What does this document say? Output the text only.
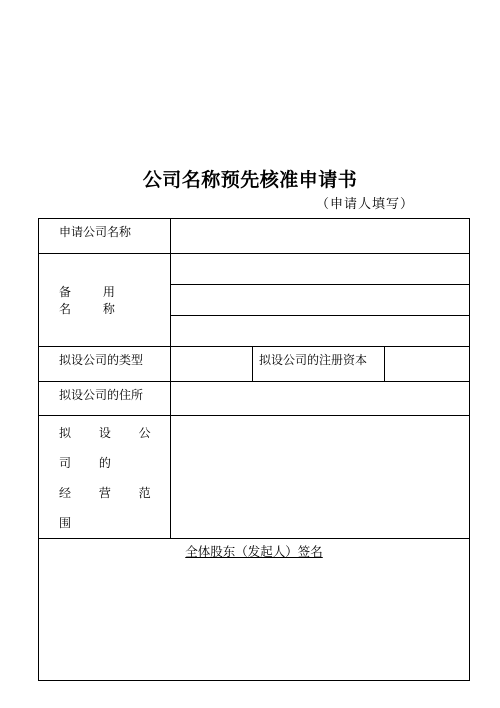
公司名称预先核准申请书
（申请人填写）
申请公司名称			
备 用 名 称			

拟设公司的类型		拟设公司的注册资本	
拟设公司的住所			

拟 设 公 司 的
经 营 范 围			

全体股东（发起人）签名			
